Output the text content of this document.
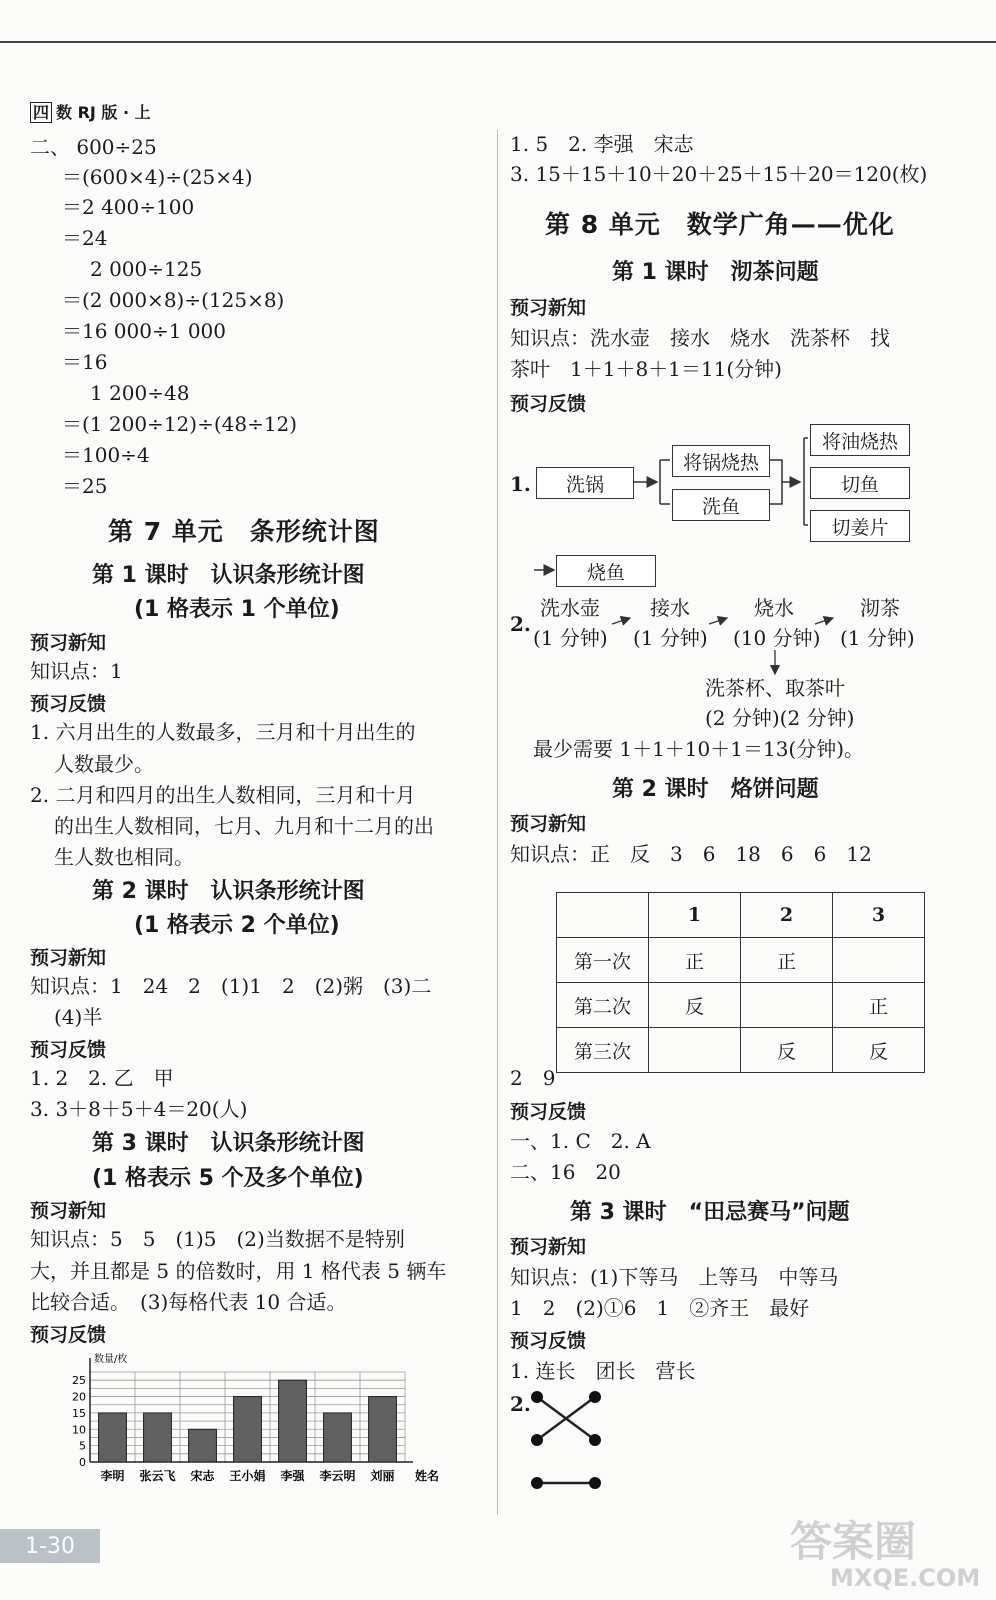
四 数 RJ 版 · 上
二、 600÷25
＝(600×4)÷(25×4)
＝2 400÷100
＝24
2 000÷125
＝(2 000×8)÷(125×8)
＝16 000÷1 000
＝16
1 200÷48
＝(1 200÷12)÷(48÷12)
＝100÷4
＝25
第 7 单元　条形统计图
第 1 课时　认识条形统计图
(1 格表示 1 个单位)
预习新知
知识点：1
预习反馈
1. 六月出生的人数最多，三月和十月出生的
人数最少。
2. 二月和四月的出生人数相同，三月和十月
的出生人数相同，七月、九月和十二月的出
生人数也相同。
第 2 课时　认识条形统计图
(1 格表示 2 个单位)
预习新知
知识点：1　24　2　(1)1　2　(2)粥　(3)二
(4)半
预习反馈
1. 2　2. 乙　甲
3. 3＋8＋5＋4＝20(人)
第 3 课时　认识条形统计图
(1 格表示 5 个及多个单位)
预习新知
知识点：5　5　(1)5　(2)当数据不是特别
大，并且都是 5 的倍数时，用 1 格代表 5 辆车
比较合适。　(3)每格代表 10 合适。
预习反馈
0
5
10
15
20
25
数量/枚
李明 张云飞 宋志 王小娟 李强 李云明 刘丽 姓名
1-30
1. 5　2. 李强　宋志
3. 15＋15＋10＋20＋25＋15＋20＝120(枚)
第 8 单元　数学广角——优化
第 1 课时　沏茶问题
预习新知
知识点：洗水壶　接水　烧水　洗茶杯　找
茶叶　1＋1＋8＋1＝11(分钟)
预习反馈
1.	洗锅
将锅烧热
洗鱼
将油烧热
切鱼
切姜片
烧鱼
2.
洗水壶
(1 分钟)
接水
(1 分钟)
烧水
(10 分钟)
沏茶
(1 分钟)
洗茶杯、取茶叶
(2 分钟)(2 分钟)
最少需要 1＋1＋10＋1＝13(分钟)。
第 2 课时　烙饼问题
预习新知
知识点：正　反　3　6　18　6　6　12
	1	2	3
第一次	正	正	
第二次	反		正
第三次		反	反
2　9
预习反馈
一、1. C　2. A
二、16　20
第 3 课时　“田忌赛马”问题
预习新知
知识点：(1)下等马　上等马　中等马
1　2　(2)①6　1　②齐王　最好
预习反馈
1. 连长　团长　营长
2.
答案圈
MXQE.COM
